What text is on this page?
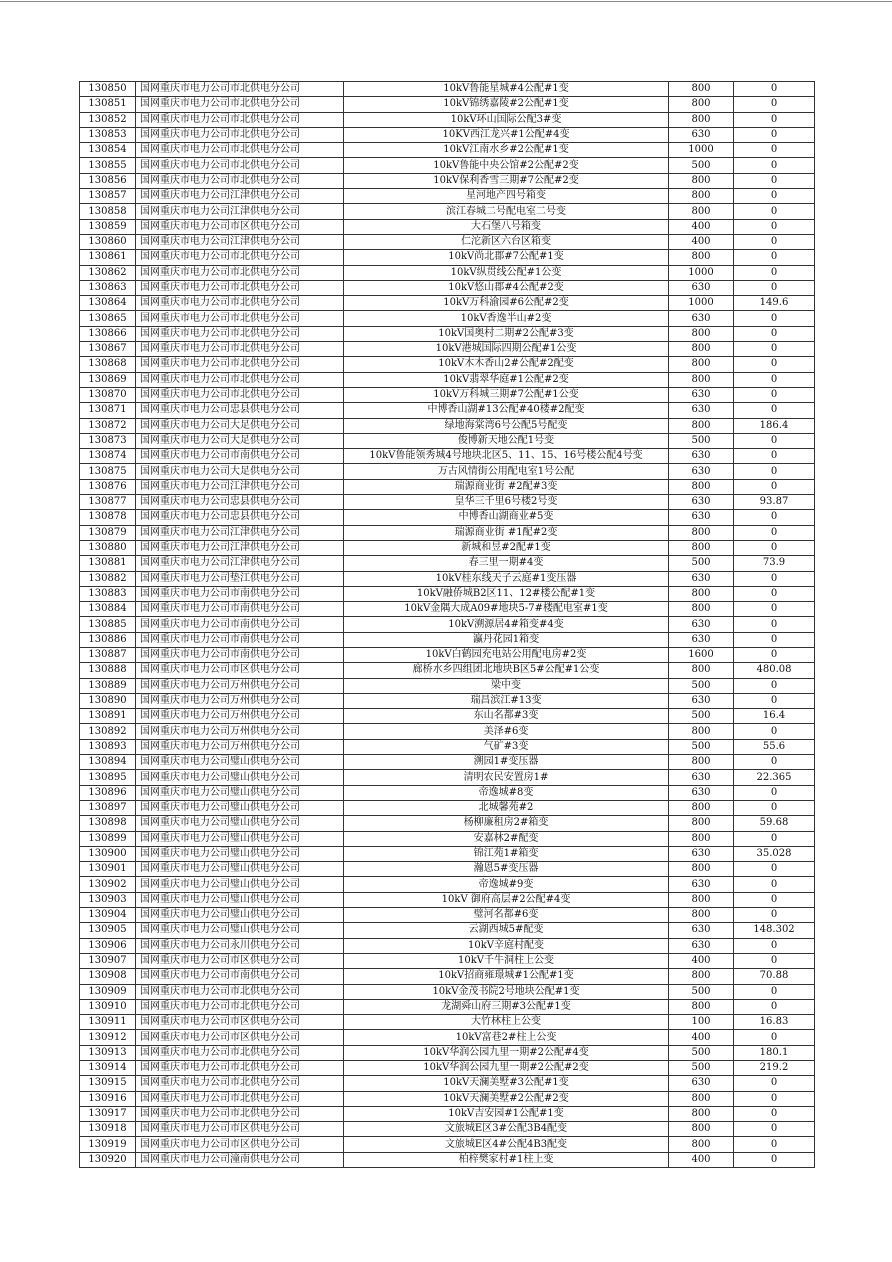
130850	国网重庆市电力公司市北供电分公司	10kV鲁能星城#4公配#1变	800	0
130851	国网重庆市电力公司市北供电分公司	10kV锦绣嘉陵#2公配#1变	800	0
130852	国网重庆市电力公司市北供电分公司	10kV环山国际公配3#变	800	0
130853	国网重庆市电力公司市北供电分公司	10KV西江龙兴#1公配#4变	630	0
130854	国网重庆市电力公司市北供电分公司	10kV江南水乡#2公配#1变	1000	0
130855	国网重庆市电力公司市北供电分公司	10kV鲁能中央公馆#2公配#2变	500	0
130856	国网重庆市电力公司市北供电分公司	10kV保利香雪三期#7公配#2变	800	0
130857	国网重庆市电力公司江津供电分公司	星河地产四号箱变	800	0
130858	国网重庆市电力公司江津供电分公司	滨江春城二号配电室二号变	800	0
130859	国网重庆市电力公司市区供电分公司	大石堡八号箱变	400	0
130860	国网重庆市电力公司江津供电分公司	仁沱新区六台区箱变	400	0
130861	国网重庆市电力公司市北供电分公司	10kV尚北郡#7公配#1变	800	0
130862	国网重庆市电力公司市北供电分公司	10kV纵贯线公配#1公变	1000	0
130863	国网重庆市电力公司市北供电分公司	10kV悠山郡#4公配#2变	630	0
130864	国网重庆市电力公司市北供电分公司	10kV万科渝园#6公配#2变	1000	149.6
130865	国网重庆市电力公司市北供电分公司	10kV香逸半山#2变	630	0
130866	国网重庆市电力公司市北供电分公司	10kV国奥村二期#2公配#3变	800	0
130867	国网重庆市电力公司市北供电分公司	10kV港城国际四期公配#1公变	800	0
130868	国网重庆市电力公司市北供电分公司	10kV木木香山2#公配#2配变	800	0
130869	国网重庆市电力公司市北供电分公司	10kV翡翠华庭#1公配#2变	800	0
130870	国网重庆市电力公司市北供电分公司	10kV万科城三期#7公配#1公变	630	0
130871	国网重庆市电力公司忠县供电分公司	中博香山湖#13公配#40楼#2配变	630	0
130872	国网重庆市电力公司大足供电分公司	绿地海棠湾6号公配5号配变	800	186.4
130873	国网重庆市电力公司大足供电分公司	俊博新天地公配1号变	500	0
130874	国网重庆市电力公司市南供电分公司	10kV鲁能领秀城4号地块北区5、11、15、16号楼公配4号变	630	0
130875	国网重庆市电力公司大足供电分公司	万古风情街公用配电室1号公配	630	0
130876	国网重庆市电力公司江津供电分公司	瑞源商业街 #2配#3变	800	0
130877	国网重庆市电力公司忠县供电分公司	皇华三千里6号楼2号变	630	93.87
130878	国网重庆市电力公司忠县供电分公司	中博香山湖商业#5变	630	0
130879	国网重庆市电力公司江津供电分公司	瑞源商业街 #1配#2变	800	0
130880	国网重庆市电力公司江津供电分公司	新城和昱#2配#1变	800	0
130881	国网重庆市电力公司江津供电分公司	春三里一期#4变	500	73.9
130882	国网重庆市电力公司垫江供电分公司	10kV桂东线天子云庭#1变压器	630	0
130883	国网重庆市电力公司市南供电分公司	10kV融侨城B2区11、12#楼公配#1变	800	0
130884	国网重庆市电力公司市南供电分公司	10kV金隅大成A09#地块5-7#楼配电室#1变	800	0
130885	国网重庆市电力公司市南供电分公司	10kV溯源居4#箱变#4变	630	0
130886	国网重庆市电力公司市南供电分公司	瀛丹花园1箱变	630	0
130887	国网重庆市电力公司市南供电分公司	10kV白鹤园充电站公用配电房#2变	1600	0
130888	国网重庆市电力公司市区供电分公司	廊桥水乡四组团北地块B区5#公配#1公变	800	480.08
130889	国网重庆市电力公司万州供电分公司	梁中变	500	0
130890	国网重庆市电力公司万州供电分公司	瑞昌滨江#13变	630	0
130891	国网重庆市电力公司万州供电分公司	东山名都#3变	500	16.4
130892	国网重庆市电力公司万州供电分公司	美泽#6变	800	0
130893	国网重庆市电力公司万州供电分公司	气矿#3变	500	55.6
130894	国网重庆市电力公司璧山供电分公司	溯园1#变压器	800	0
130895	国网重庆市电力公司璧山供电分公司	清明农民安置房1#	630	22.365
130896	国网重庆市电力公司璧山供电分公司	帝逸城#8变	630	0
130897	国网重庆市电力公司璧山供电分公司	北城馨苑#2	800	0
130898	国网重庆市电力公司璧山供电分公司	杨柳廉租房2#箱变	800	59.68
130899	国网重庆市电力公司璧山供电分公司	安嘉林2#配变	800	0
130900	国网重庆市电力公司璧山供电分公司	锦江苑1#箱变	630	35.028
130901	国网重庆市电力公司璧山供电分公司	瀚恩5#变压器	800	0
130902	国网重庆市电力公司璧山供电分公司	帝逸城#9变	630	0
130903	国网重庆市电力公司璧山供电分公司	10kV 御府高层#2公配#4变	800	0
130904	国网重庆市电力公司璧山供电分公司	璧河名都#6变	800	0
130905	国网重庆市电力公司璧山供电分公司	云湖西城5#配变	630	148.302
130906	国网重庆市电力公司永川供电分公司	10kV辛庭村配变	630	0
130907	国网重庆市电力公司市区供电分公司	10kV千牛洞柱上公变	400	0
130908	国网重庆市电力公司市南供电分公司	10kV招商雍璟城#1公配#1变	800	70.88
130909	国网重庆市电力公司市北供电分公司	10kV金茂书院2号地块公配#1变	500	0
130910	国网重庆市电力公司市北供电分公司	龙湖舜山府三期#3公配#1变	800	0
130911	国网重庆市电力公司市区供电分公司	大竹林柱上公变	100	16.83
130912	国网重庆市电力公司市区供电分公司	10kV富巷2#柱上公变	400	0
130913	国网重庆市电力公司市北供电分公司	10kV华润公园九里一期#2公配#4变	500	180.1
130914	国网重庆市电力公司市北供电分公司	10kV华润公园九里一期#2公配#2变	500	219.2
130915	国网重庆市电力公司市北供电分公司	10kV天澜美墅#3公配#1变	630	0
130916	国网重庆市电力公司市北供电分公司	10kV天澜美墅#2公配#2变	800	0
130917	国网重庆市电力公司市北供电分公司	10kV吉安园#1公配#1变	800	0
130918	国网重庆市电力公司市区供电分公司	文旅城E区3#公配3B4配变	800	0
130919	国网重庆市电力公司市区供电分公司	文旅城E区4#公配4B3配变	800	0
130920	国网重庆市电力公司潼南供电分公司	柏梓樊家村#1柱上变	400	0
